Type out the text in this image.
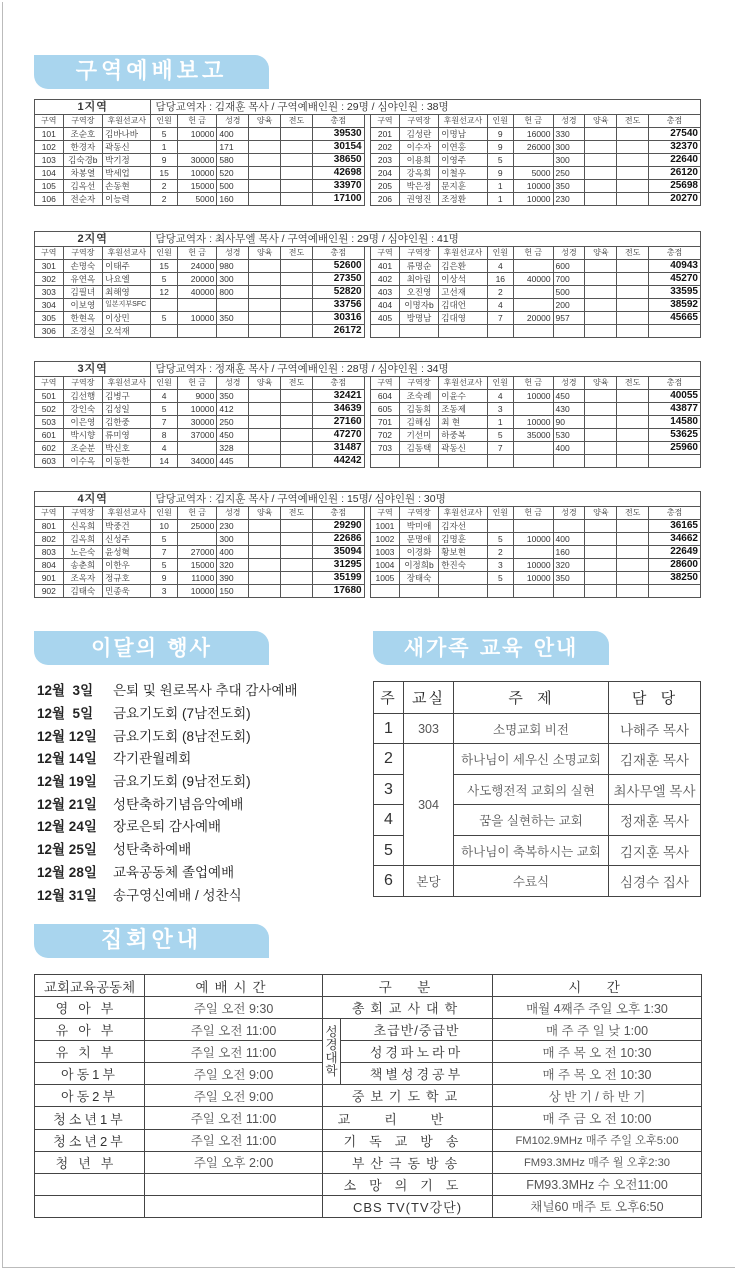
구역예배보고
1지역			담당교역자 : 김재훈 목사 / 구역예배인원 : 29명 / 심야인원 : 38명															
구역	구역장	후원선교사	인원	헌 금	성경	양육	전도	총점		구역	구역장	후원선교사	인원	헌 금	성경	양육	전도	총점
101	조순호	김바나바	5	10000	400			39530		201	김성란	이명남	9	16000	330			27540
102	한경자	곽동신	1		171			30154		202	이수자	이연홍	9	26000	300			32370
103	김숙경b	박기정	9	30000	580			38650		203	이용희	이영주	5		300			22640
104	차봉열	박세업	15	10000	520			42698		204	강옥희	이철우	9	5000	250			26120
105	김옥선	손동현	2	15000	500			33970		205	박은정	문지훈	1	10000	350			25698
106	전순자	이능력	2	5000	160			17100		206	권영진	조정환	1	10000	230			20270
2지역			담당교역자 : 최사무엘 목사 / 구역예배인원 : 29명 / 심야인원 : 41명															
구역	구역장	후원선교사	인원	헌 금	성경	양육	전도	총점		구역	구역장	후원선교사	인원	헌 금	성경	양육	전도	총점
301	손명숙	이태주	15	24000	980			52600		401	류명순	김은환	4		600			40943
302	유연옥	나요엘	5	20000	300			27350		402	최아림	이상석	16	40000	700			45270
303	김필녀	최해영	12	40000	800			52820		403	오진영	고선재	2		500			33595
304	이보영	일본지부SFC						33756		404	이명자b	김대언	4		200			38592
305	한현옥	이상민	5	10000	350			30316		405	방명남	김대영	7	20000	957			45665
306	조경실	오석재						26172										
3지역			담당교역자 : 정재훈 목사 / 구역예배인원 : 28명 / 심야인원 : 34명															
구역	구역장	후원선교사	인원	헌 금	성경	양육	전도	총점		구역	구역장	후원선교사	인원	헌 금	성경	양육	전도	총점
501	김선행	김병구	4	9000	350			32421		604	조숙례	이윤수	4	10000	450			40055
502	강인숙	김성일	5	10000	412			34639		605	김동희	조동제	3		430			43877
503	이은영	김한중	7	30000	250			27160		701	김해심	최 현	1	10000	90			14580
601	박시향	류미영	8	37000	450			47270		702	기선미	하중복	5	35000	530			53625
602	조순분	박신호	4		328			31487		703	김동택	곽동신	7		400			25960
603	이수옥	이동한	14	34000	445			44242										
4지역			담당교역자 : 김지훈 목사 / 구역예배인원 : 15명/ 심야인원 : 30명															
구역	구역장	후원선교사	인원	헌 금	성경	양육	전도	총점		구역	구역장	후원선교사	인원	헌 금	성경	양육	전도	총점
801	신옥희	박중건	10	25000	230			29290		1001	박미애	김자선						36165
802	김옥희	신성주	5		300			22686		1002	문명애	김명훈	5	10000	400			34662
803	노은숙	윤성혁	7	27000	400			35094		1003	이경화	황보현	2		160			22649
804	송춘희	이한우	5	15000	320			31295		1004	이정희b	한진숙	3	10000	320			28600
901	조옥자	정규호	9	11000	390			35199		1005	장태숙		5	10000	350			38250
902	김태숙	민종욱	3	10000	150			17680										
이달의 행사
12월  3일	은퇴 및 원로목사 추대 감사예배
12월  5일	금요기도회 (7남전도회)
12월 12일	금요기도회 (8남전도회)
12월 14일	각기관월례회
12월 19일	금요기도회 (9남전도회)
12월 21일	성탄축하기념음악예배
12월 24일	장로은퇴 감사예배
12월 25일	성탄축하예배
12월 28일	교육공동체 졸업예배
12월 31일	송구영신예배 / 성찬식
새가족 교육 안내
주	교실	주  제	담  당
1	303	소명교회 비전	나해주 목사
2	304	하나님이 세우신 소명교회	김재훈 목사
3		사도행전적 교회의 실현	최사무엘 목사
4		꿈을 실현하는 교회	정재훈 목사
5		하나님이 축복하시는 교회	김지훈 목사
6	본당	수료식	심경수 집사
집회안내
교회교육공동체	예배시간	구  분		시  간
영아부	주일 오전 9:30	총회교사대학		매월 4째주 주일 오후 1:30
유아부	주일 오전 11:00	성경대학	초급반/중급반	매 주 주 일 낮 1:00
유치부	주일 오전 11:00		성경파노라마	매 주 목 오 전 10:30
아동1부	주일 오전 9:00		책별성경공부	매 주 목 오 전 10:30
아동2부	주일 오전 9:00	중보기도학교		상 반 기 / 하 반 기
청소년1부	주일 오전 11:00	교리반		매 주 금 오 전 10:00
청소년2부	주일 오전 11:00	기독교방송		FM102.9MHz 매주 주일 오후5:00
청년부	주일 오후 2:00	부산극동방송		FM93.3MHz 매주 월 오후2:30
		소망의기도		FM93.3MHz 수 오전11:00
		CBS TV(TV강단)		채널60 매주 토 오후6:50
